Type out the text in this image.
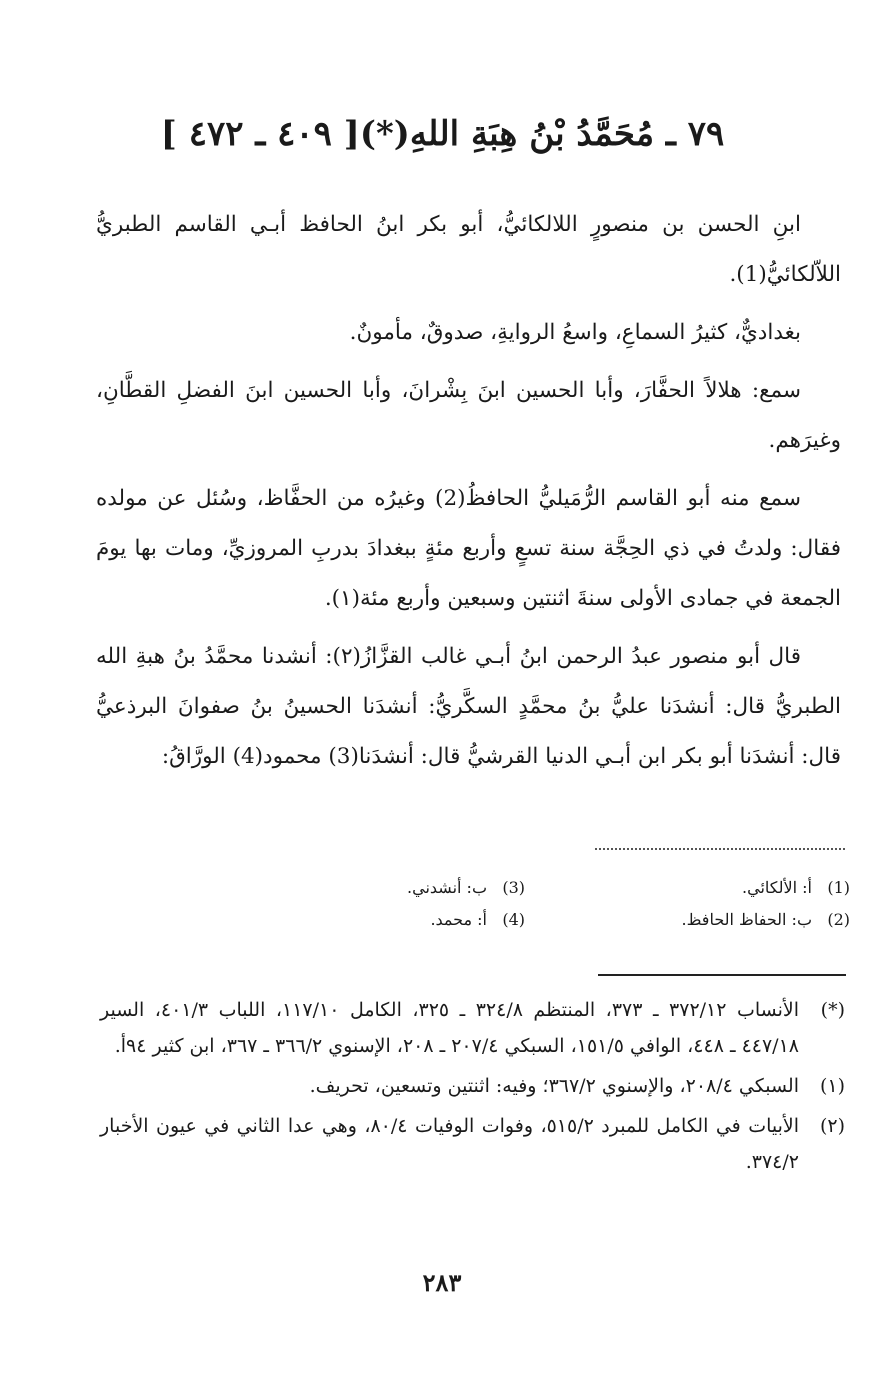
٧٩ ـ مُحَمَّدُ بْنُ هِبَةِ اللهِ(*)[ ٤٠٩ ـ ٤٧٢ ]

ابنِ الحسن بن منصورٍ اللالكائيُّ، أبو بكر ابنُ الحافظ أبـي القاسم الطبريُّ اللاّلكائيُّ(1).

بغداديٌّ، كثيرُ السماعِ، واسعُ الروايةِ، صدوقٌ، مأمونٌ.

سمع: هلالاً الحفَّارَ، وأبا الحسين ابنَ بِشْرانَ، وأبا الحسين ابنَ الفضلِ القطَّانِ، وغيرَهم.

سمع منه أبو القاسم الرُّمَيليُّ الحافظُ(2) وغيرُه من الحفَّاظ، وسُئل عن مولده فقال: ولدتُ في ذي الحِجَّة سنة تسعٍ وأربع مئةٍ ببغدادَ بدربِ المروزيِّ، ومات بها يومَ الجمعة في جمادى الأولى سنةَ اثنتين وسبعين وأربع مئة(١).

قال أبو منصور عبدُ الرحمن ابنُ أبـي غالب القزَّازُ(٢): أنشدنا محمَّدُ بنُ هبةِ الله الطبريُّ قال: أنشدَنا عليُّ بنُ محمَّدٍ السكَّريُّ: أنشدَنا الحسينُ بنُ صفوانَ البرذعيُّ قال: أنشدَنا أبو بكر ابن أبـي الدنيا القرشيُّ قال: أنشدَنا(3) محمود(4) الورَّاقُ:

(1)
أ: الألكائي.
(3)
ب: أنشدني.
(2)
ب: الحفاظ الحافظ.
(4)
أ: محمد.
(*)
الأنساب ٣٧٢/١٢ ـ ٣٧٣، المنتظم ٣٢٤/٨ ـ ٣٢٥، الكامل ١١٧/١٠، اللباب ٤٠١/٣، السير ٤٤٧/١٨ ـ ٤٤٨، الوافي ١٥١/٥، السبكي ٢٠٧/٤ ـ ٢٠٨، الإسنوي ٣٦٦/٢ ـ ٣٦٧، ابن كثير ٩٤أ.
(١)
السبكي ٢٠٨/٤، والإسنوي ٣٦٧/٢؛ وفيه: اثنتين وتسعين، تحريف.
(٢)
الأبيات في الكامل للمبرد ٥١٥/٢، وفوات الوفيات ٨٠/٤، وهي عدا الثاني في عيون الأخبار ٣٧٤/٢.
٢٨٣
